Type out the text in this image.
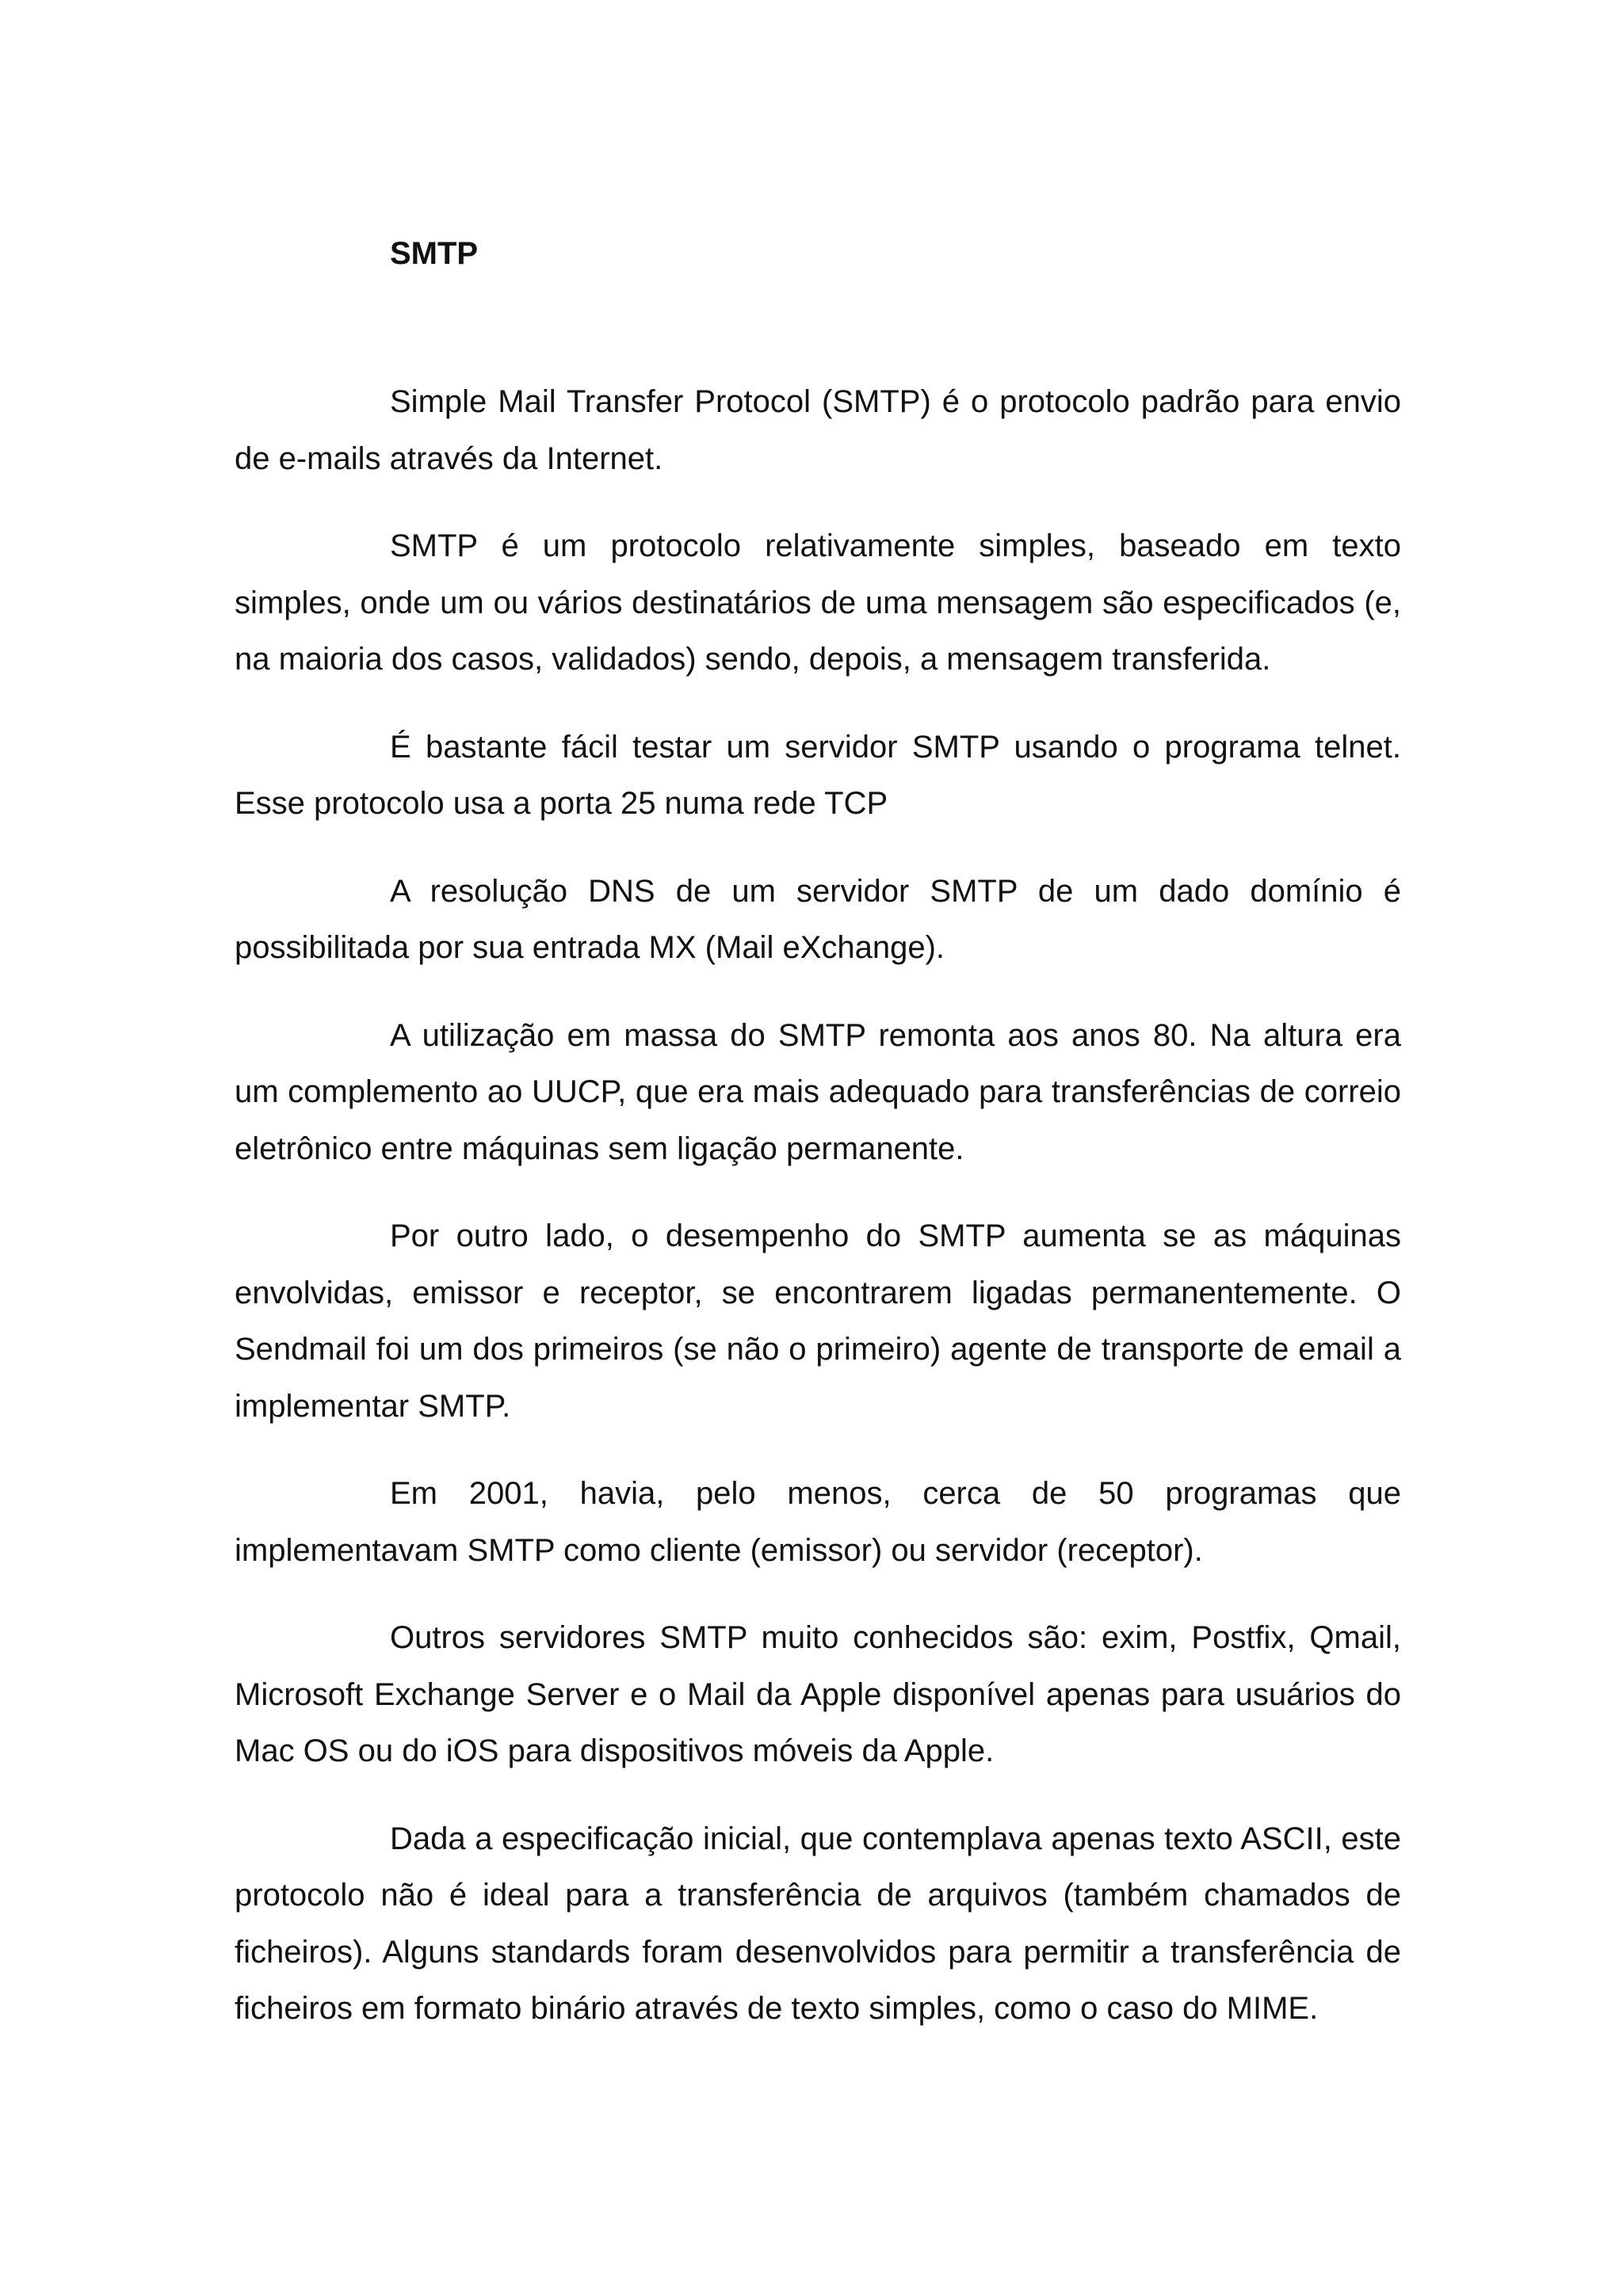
SMTP

Simple Mail Transfer Protocol (SMTP) é o protocolo padrão para envio de e-mails através da Internet.

SMTP é um protocolo relativamente simples, baseado em texto simples, onde um ou vários destinatários de uma mensagem são especificados (e, na maioria dos casos, validados) sendo, depois, a mensagem transferida.

É bastante fácil testar um servidor SMTP usando o programa telnet. Esse protocolo usa a porta 25 numa rede TCP

A resolução DNS de um servidor SMTP de um dado domínio é possibilitada por sua entrada MX (Mail eXchange).

A utilização em massa do SMTP remonta aos anos 80. Na altura era um complemento ao UUCP, que era mais adequado para transferências de correio eletrônico entre máquinas sem ligação permanente.

Por outro lado, o desempenho do SMTP aumenta se as máquinas envolvidas, emissor e receptor, se encontrarem ligadas permanentemente. O Sendmail foi um dos primeiros (se não o primeiro) agente de transporte de email a implementar SMTP.

Em 2001, havia, pelo menos, cerca de 50 programas que implementavam SMTP como cliente (emissor) ou servidor (receptor).

Outros servidores SMTP muito conhecidos são: exim, Postfix, Qmail, Microsoft Exchange Server e o Mail da Apple disponível apenas para usuários do Mac OS ou do iOS para dispositivos móveis da Apple.

Dada a especificação inicial, que contemplava apenas texto ASCII, este protocolo não é ideal para a transferência de arquivos (também chamados de ficheiros). Alguns standards foram desenvolvidos para permitir a transferência de ficheiros em formato binário através de texto simples, como o caso do MIME.
